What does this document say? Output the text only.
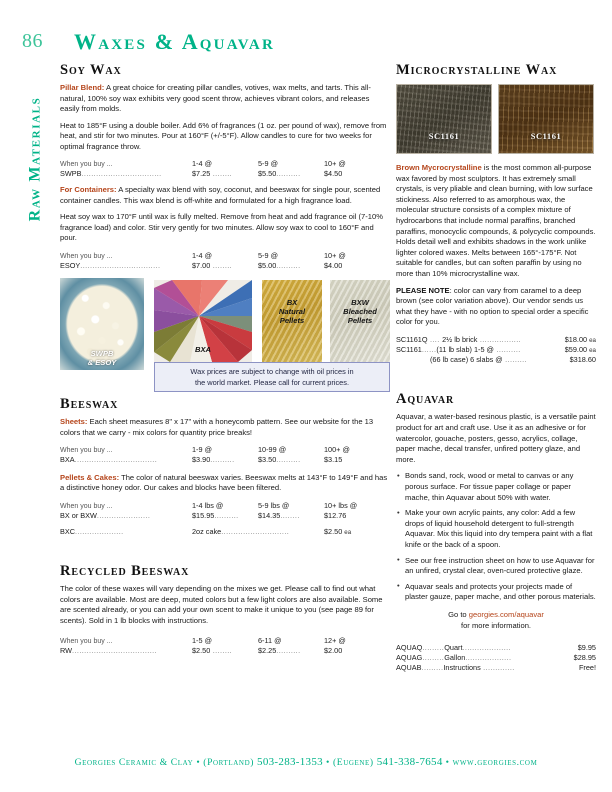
86 Waxes & Aquavar
Raw Materials
Soy Wax

Pillar Blend: A great choice for creating pillar candles, votives, wax melts, and tarts. This all-natural, 100% soy wax exhibits very good scent throw, achieves vibrant colors, and releases easily from molds.

Heat to 185°F using a double boiler. Add 6% of fragrances (1 oz. per pound of wax), remove from heat, and stir for two minutes. Pour at 160°F (+/-5°F). Allow candles to cure for two weeks for optimal fragrance throw.

When you buy ...	1-4 @	5-9 @	10+ @
SWPB.................................	$7.25 ........	$5.50..........	$4.50

For Containers: A specialty wax blend with soy, coconut, and beeswax for single pour, scented container candles. This wax blend is off-white and formulated for a high fragrance load.

Heat soy wax to 170°F until wax is fully melted. Remove from heat and add fragrance oil (7-10% fragrance load) and color. Stir very gently for two minutes. Allow soy wax to cool to 160°F and pour.

When you buy ...	1-4 @	5-9 @	10+ @
ESOY.................................	$7.00 ........	$5.00..........	$4.00
SWPB
& ESOY
BXA
BX
Natural
Pellets
BXW
Bleached
Pellets
Wax prices are subject to change with oil prices in
the world market. Please call for current prices.
Beeswax

Sheets: Each sheet measures 8" x 17" with a honeycomb pattern. See our website for the 13 colors that we carry - mix colors for quantity price breaks!

When you buy ...	1-9 @	10-99 @	100+ @
BXA..................................	$3.90..........	$3.50..........	$3.15

Pellets & Cakes: The color of natural beeswax varies. Beeswax melts at 143°F to 149°F and has a distinctive honey odor. Our cakes and blocks have been filtered.

When you buy ...	1-4 lbs @	5-9 lbs @	10+ lbs @
BX or BXW......................	$15.95..........	$14.35........	$12.76
BXC....................	2oz cake............................		$2.50 ea
Recycled Beeswax

The color of these waxes will vary depending on the mixes we get. Please call to find out what colors are available. Most are deep, muted colors but a few light colors are also available. Some are scented already, or you can add your own scent to make it unique to you (see page 89 for scents). Sold in 1 lb blocks with instructions.

When you buy ...	1-5 @	6-11 @	12+ @
RW...................................	$2.50 ........	$2.25..........	$2.00
Microcrystalline Wax
SC1161	SC1161

Brown Mycrocrystalline is the most common all-purpose wax favored by most sculptors. It has extremely small crystals, is very pliable and clean burning, with low surface stickiness. Also referred to as amorphous wax, the molecular structure consists of a complex mixture of hydrocarbons that include normal paraffins, branched paraffins, monocyclic compounds, & polycyclic compounds. Holds detail well and exhibits shadows in the work unlike lighter colored waxes. Melts between 165°-175°F. Not suitable for candles, but can soften paraffin by using no more than 10% microcrystalline wax.

PLEASE NOTE: color can vary from caramel to a deep brown (see color variation above). Our vendor sends us what they have - with no option to special order a specific color for you.

SC1161Q .... 2½ lb brick .................	$18.00 ea
SC1161......(11 lb slab) 1-5 @ ..........	$59.00 ea
(66 lb case) 6 slabs @ .........	$318.60
Aquavar

Aquavar, a water-based resinous plastic, is a versatile paint product for art and craft use. Use it as an adhesive or for watercolor, gouache, posters, gesso, acrylics, collage, paper mache, decal transfer, unfired pottery glaze, and more.

• Bonds sand, rock, wood or metal to canvas or any porous surface. For tissue paper collage or paper mache, thin Aquavar about 50% with water.
• Make your own acrylic paints, any color: Add a few drops of liquid household detergent to full-strength Aquavar. Mix this liquid into dry tempera paint with a flat knife or the back of a spoon.
• See our free instruction sheet on how to use Aquavar for an unfired, crystal clear, oven-cured protective glaze.
• Aquavar seals and protects your projects made of plaster gauze, paper mache, and other porous materials.
Go to georgies.com/aquavar
for more information.
AQUAQ.........Quart....................	$9.95
AQUAG.........Gallon...................	$28.95
AQUAB.........Instructions .............	Free!
Georgies Ceramic & Clay • (Portland) 503-283-1353 • (Eugene) 541-338-7654 • www.georgies.com
